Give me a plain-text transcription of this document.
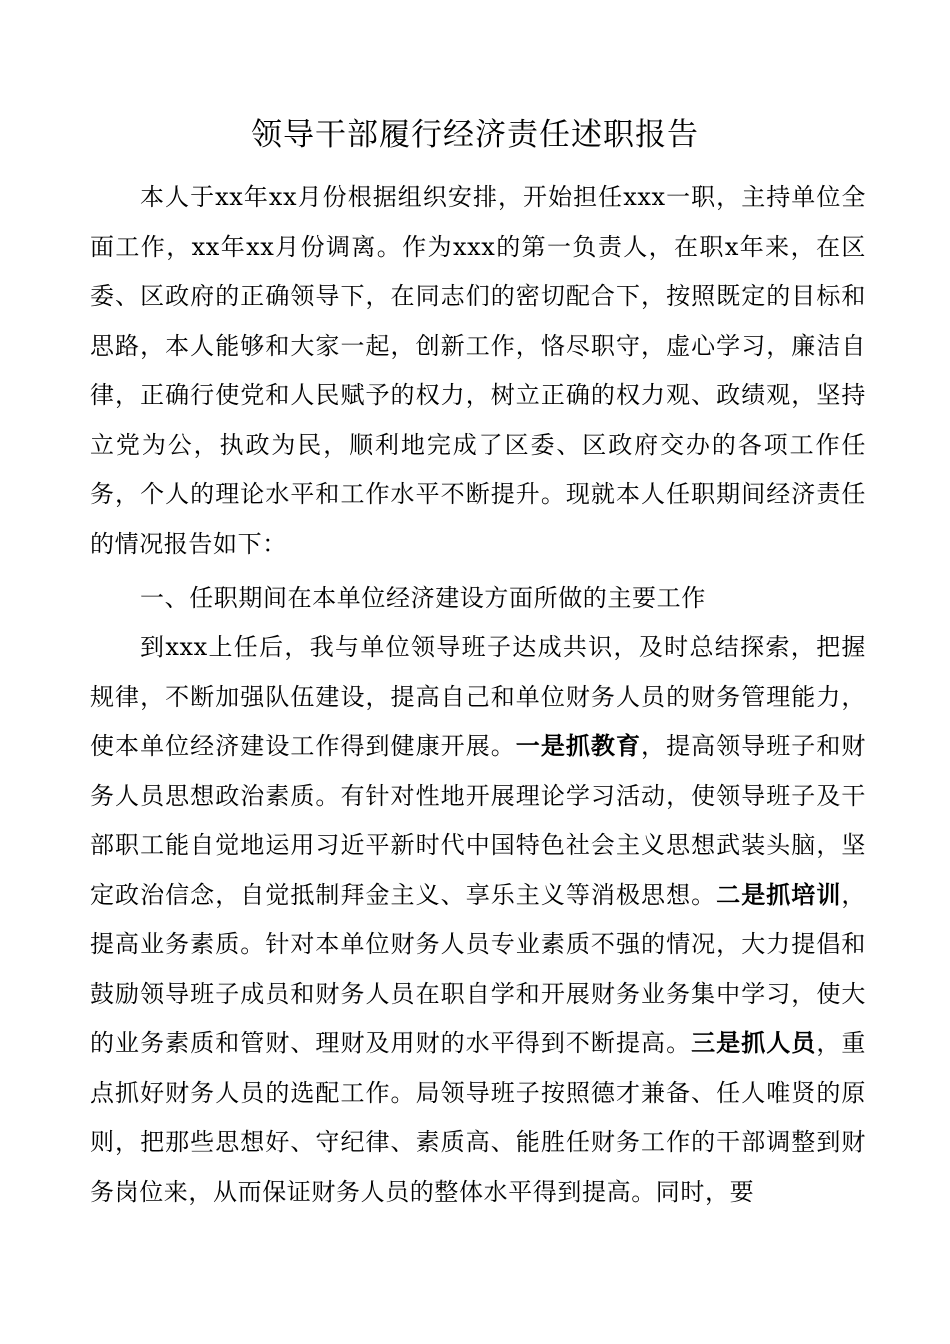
领导干部履行经济责任述职报告

本人于xx年xx月份根据组织安排，开始担任xxx一职，主持单位全面工作，xx年xx月份调离。作为xxx的第一负责人，在职x年来，在区委、区政府的正确领导下，在同志们的密切配合下，按照既定的目标和思路，本人能够和大家一起，创新工作，恪尽职守，虚心学习，廉洁自律，正确行使党和人民赋予的权力，树立正确的权力观、政绩观，坚持立党为公，执政为民，顺利地完成了区委、区政府交办的各项工作任务，个人的理论水平和工作水平不断提升。现就本人任职期间经济责任的情况报告如下：

一、任职期间在本单位经济建设方面所做的主要工作

到xxx上任后，我与单位领导班子达成共识，及时总结探索，把握规律，不断加强队伍建设，提高自己和单位财务人员的财务管理能力，使本单位经济建设工作得到健康开展。一是抓教育，提高领导班子和财务人员思想政治素质。有针对性地开展理论学习活动，使领导班子及干部职工能自觉地运用习近平新时代中国特色社会主义思想武装头脑，坚定政治信念，自觉抵制拜金主义、享乐主义等消极思想。二是抓培训，提高业务素质。针对本单位财务人员专业素质不强的情况，大力提倡和鼓励领导班子成员和财务人员在职自学和开展财务业务集中学习，使大的业务素质和管财、理财及用财的水平得到不断提高。三是抓人员，重点抓好财务人员的选配工作。局领导班子按照德才兼备、任人唯贤的原则，把那些思想好、守纪律、素质高、能胜任财务工作的干部调整到财务岗位来，从而保证财务人员的整体水平得到提高。同时，要
